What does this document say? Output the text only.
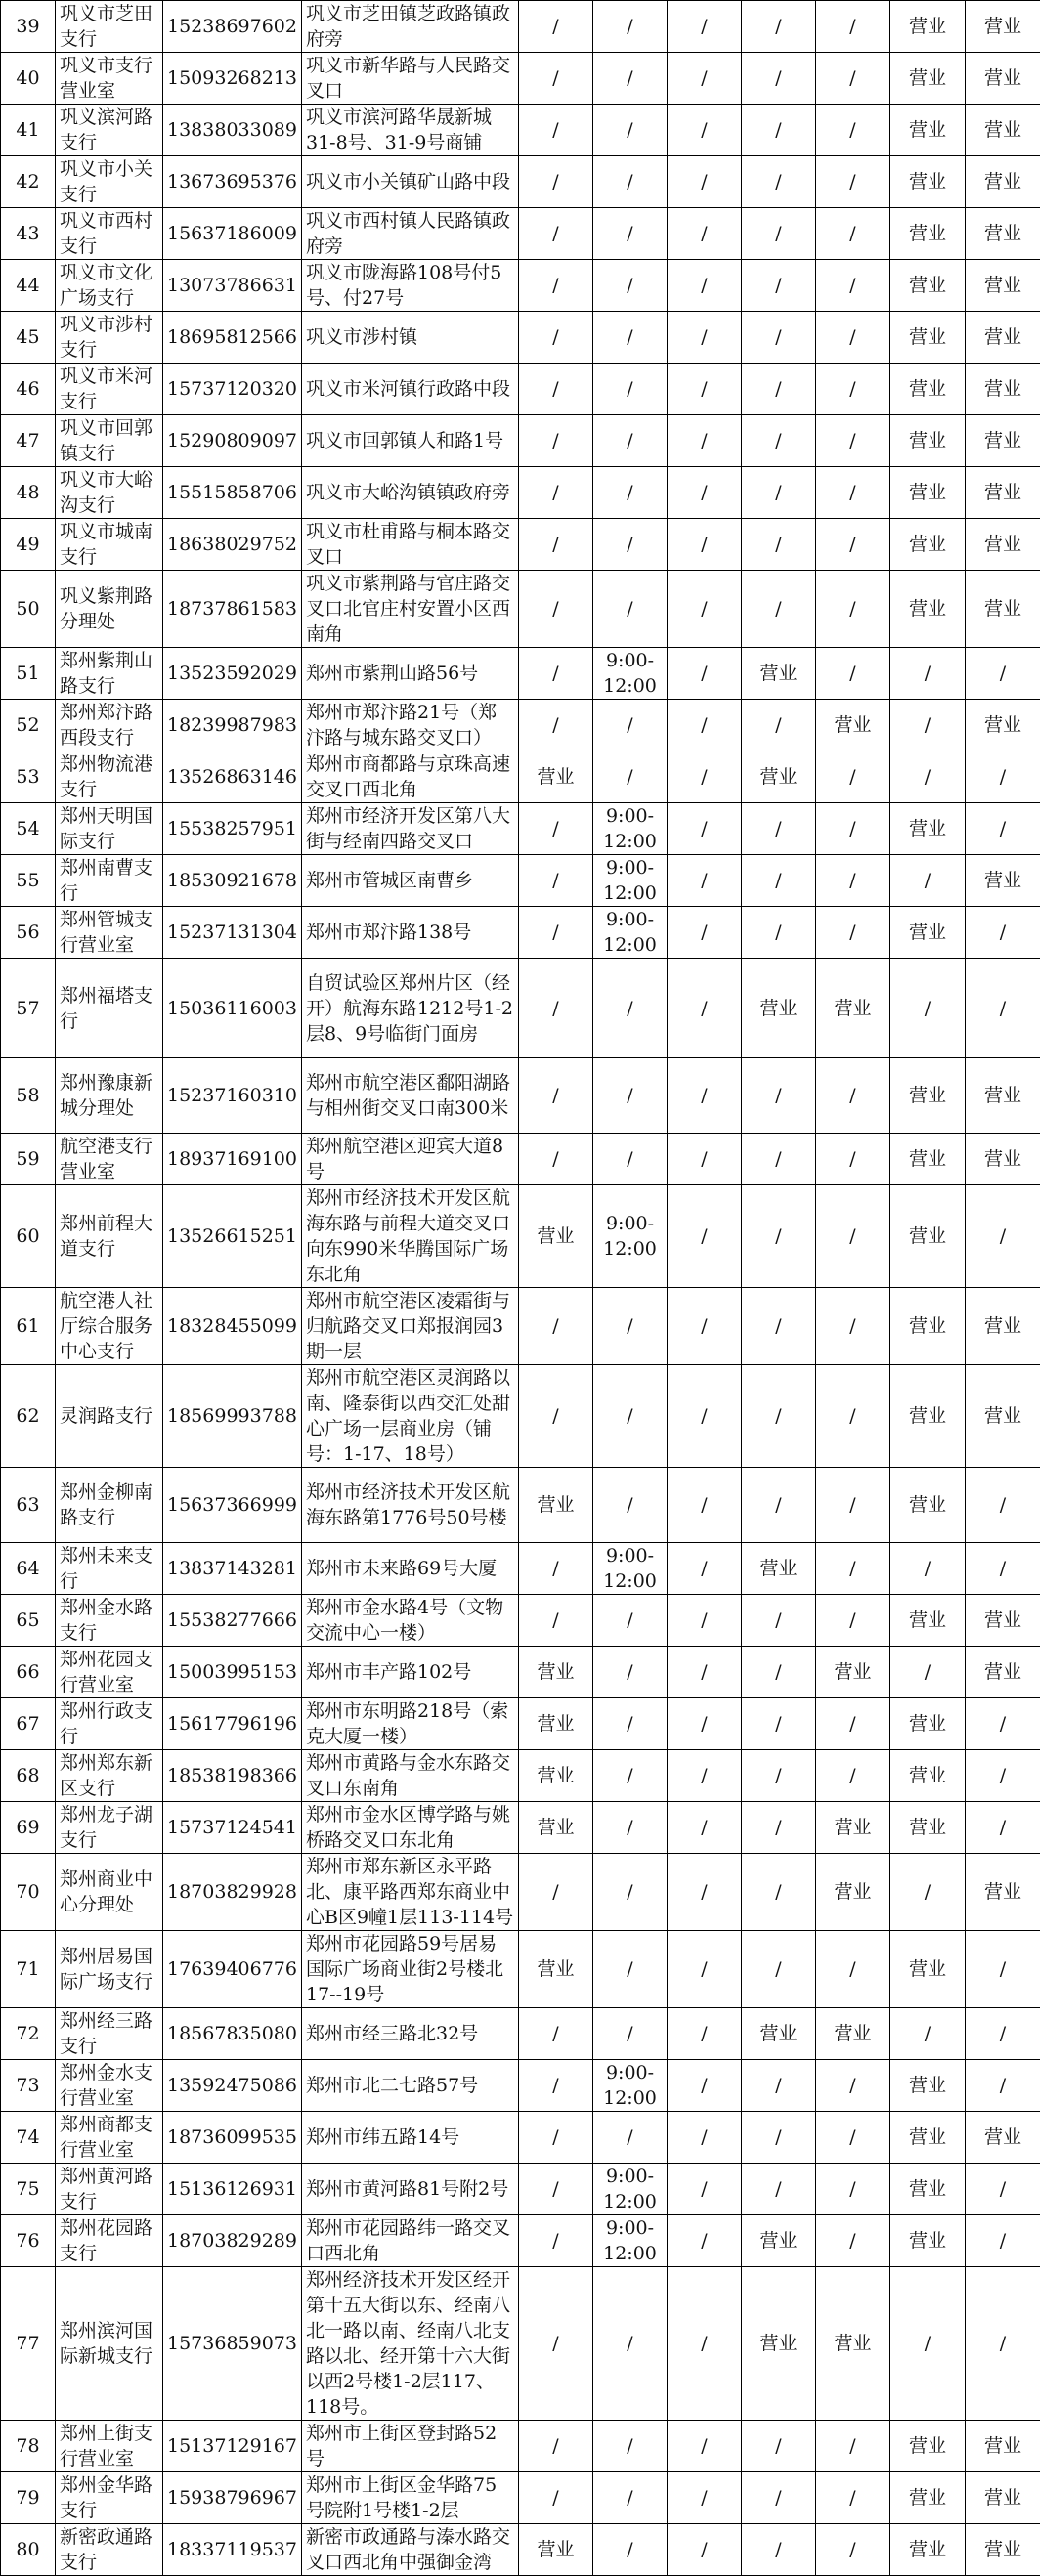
39	巩义市芝田支行	15238697602	巩义市芝田镇芝政路镇政府旁	/	/	/	/	/	营业	营业
40	巩义市支行营业室	15093268213	巩义市新华路与人民路交叉口	/	/	/	/	/	营业	营业
41	巩义滨河路支行	13838033089	巩义市滨河路华晟新城31-8号、31-9号商铺	/	/	/	/	/	营业	营业
42	巩义市小关支行	13673695376	巩义市小关镇矿山路中段	/	/	/	/	/	营业	营业
43	巩义市西村支行	15637186009	巩义市西村镇人民路镇政府旁	/	/	/	/	/	营业	营业
44	巩义市文化广场支行	13073786631	巩义市陇海路108号付5号、付27号	/	/	/	/	/	营业	营业
45	巩义市涉村支行	18695812566	巩义市涉村镇	/	/	/	/	/	营业	营业
46	巩义市米河支行	15737120320	巩义市米河镇行政路中段	/	/	/	/	/	营业	营业
47	巩义市回郭镇支行	15290809097	巩义市回郭镇人和路1号	/	/	/	/	/	营业	营业
48	巩义市大峪沟支行	15515858706	巩义市大峪沟镇镇政府旁	/	/	/	/	/	营业	营业
49	巩义市城南支行	18638029752	巩义市杜甫路与桐本路交叉口	/	/	/	/	/	营业	营业
50	巩义紫荆路分理处	18737861583	巩义市紫荆路与官庄路交叉口北官庄村安置小区西南角	/	/	/	/	/	营业	营业
51	郑州紫荆山路支行	13523592029	郑州市紫荆山路56号	/	9:00-12:00	/	营业	/	/	/
52	郑州郑汴路西段支行	18239987983	郑州市郑汴路21号（郑汴路与城东路交叉口）	/	/	/	/	营业	/	营业
53	郑州物流港支行	13526863146	郑州市商都路与京珠高速交叉口西北角	营业	/	/	营业	/	/	/
54	郑州天明国际支行	15538257951	郑州市经济开发区第八大街与经南四路交叉口	/	9:00-12:00	/	/	/	营业	/
55	郑州南曹支行	18530921678	郑州市管城区南曹乡	/	9:00-12:00	/	/	/	/	营业
56	郑州管城支行营业室	15237131304	郑州市郑汴路138号	/	9:00-12:00	/	/	/	营业	/
57	郑州福塔支行	15036116003	自贸试验区郑州片区（经开）航海东路1212号1-2层8、9号临街门面房	/	/	/	营业	营业	/	/
58	郑州豫康新城分理处	15237160310	郑州市航空港区鄱阳湖路与相州街交叉口南300米	/	/	/	/	/	营业	营业
59	航空港支行营业室	18937169100	郑州航空港区迎宾大道8号	/	/	/	/	/	营业	营业
60	郑州前程大道支行	13526615251	郑州市经济技术开发区航海东路与前程大道交叉口向东990米华腾国际广场东北角	营业	9:00-12:00	/	/	/	营业	/
61	航空港人社厅综合服务中心支行	18328455099	郑州市航空港区凌霜街与归航路交叉口郑报润园3期一层	/	/	/	/	/	营业	营业
62	灵润路支行	18569993788	郑州市航空港区灵润路以南、隆泰街以西交汇处甜心广场一层商业房（铺号：1-17、18号）	/	/	/	/	/	营业	营业
63	郑州金柳南路支行	15637366999	郑州市经济技术开发区航海东路第1776号50号楼	营业	/	/	/	/	营业	/
64	郑州未来支行	13837143281	郑州市未来路69号大厦	/	9:00-12:00	/	营业	/	/	/
65	郑州金水路支行	15538277666	郑州市金水路4号（文物交流中心一楼）	/	/	/	/	/	营业	营业
66	郑州花园支行营业室	15003995153	郑州市丰产路102号	营业	/	/	/	营业	/	营业
67	郑州行政支行	15617796196	郑州市东明路218号（索克大厦一楼）	营业	/	/	/	/	营业	/
68	郑州郑东新区支行	18538198366	郑州市黄路与金水东路交叉口东南角	营业	/	/	/	/	营业	/
69	郑州龙子湖支行	15737124541	郑州市金水区博学路与姚桥路交叉口东北角	营业	/	/	/	营业	营业	/
70	郑州商业中心分理处	18703829928	郑州市郑东新区永平路北、康平路西郑东商业中心B区9幢1层113-114号	/	/	/	/	营业	/	营业
71	郑州居易国际广场支行	17639406776	郑州市花园路59号居易国际广场商业街2号楼北17--19号	营业	/	/	/	/	营业	/
72	郑州经三路支行	18567835080	郑州市经三路北32号	/	/	/	营业	营业	/	/
73	郑州金水支行营业室	13592475086	郑州市北二七路57号	/	9:00-12:00	/	/	/	营业	/
74	郑州商都支行营业室	18736099535	郑州市纬五路14号	/	/	/	/	/	营业	营业
75	郑州黄河路支行	15136126931	郑州市黄河路81号附2号	/	9:00-12:00	/	/	/	营业	/
76	郑州花园路支行	18703829289	郑州市花园路纬一路交叉口西北角	/	9:00-12:00	/	营业	/	营业	/
77	郑州滨河国际新城支行	15736859073	郑州经济技术开发区经开第十五大街以东、经南八北一路以南、经南八北支路以北、经开第十六大街以西2号楼1-2层117、118号。	/	/	/	营业	营业	/	/
78	郑州上街支行营业室	15137129167	郑州市上街区登封路52号	/	/	/	/	/	营业	营业
79	郑州金华路支行	15938796967	郑州市上街区金华路75号院附1号楼1-2层	/	/	/	/	/	营业	营业
80	新密政通路支行	18337119537	新密市政通路与溱水路交叉口西北角中强御金湾	营业	/	/	/	/	营业	营业
